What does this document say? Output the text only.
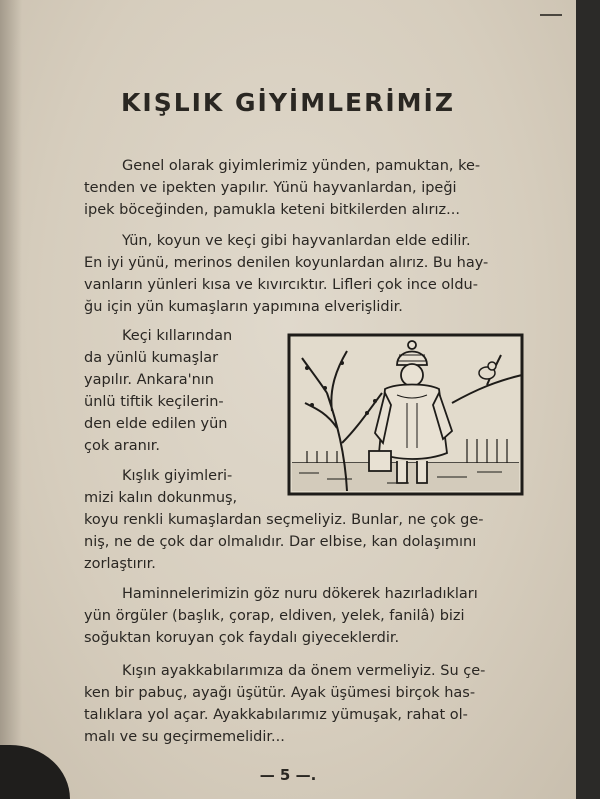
KIŞLIK GİYİMLERİMİZ

Genel olarak giyimlerimiz yünden, pamuktan, ke-
tenden ve ipekten yapılır. Yünü hayvanlardan, ipeği
ipek böceğinden, pamukla keteni bitkilerden alırız...

Yün, koyun ve keçi gibi hayvanlardan elde edilir.
En iyi yünü, merinos denilen koyunlardan alırız. Bu hay-
vanların yünleri kısa ve kıvırcıktır. Lifleri çok ince oldu-
ğu için yün kumaşların yapımına elverişlidir.

Keçi kıllarından
da yünlü kumaşlar
yapılır. Ankara'nın
ünlü tiftik keçilerin-
den elde edilen yün
çok aranır.

Kışlık giyimleri-
mizi kalın dokunmuş,
koyu renkli kumaşlardan seçmeliyiz. Bunlar, ne çok ge-
niş, ne de çok dar olmalıdır. Dar elbise, kan dolaşımını
zorlaştırır.

Haminnelerimizin göz nuru dökerek hazırladıkları
yün örgüler (başlık, çorap, eldiven, yelek, fanilâ) bizi
soğuktan koruyan çok faydalı giyeceklerdir.

Kışın ayakkabılarımıza da önem vermeliyiz. Su çe-
ken bir pabuç, ayağı üşütür. Ayak üşümesi birçok has-
talıklara yol açar. Ayakkabılarımız yümuşak, rahat ol-
malı ve su geçirmemelidir...

— 5 —.
